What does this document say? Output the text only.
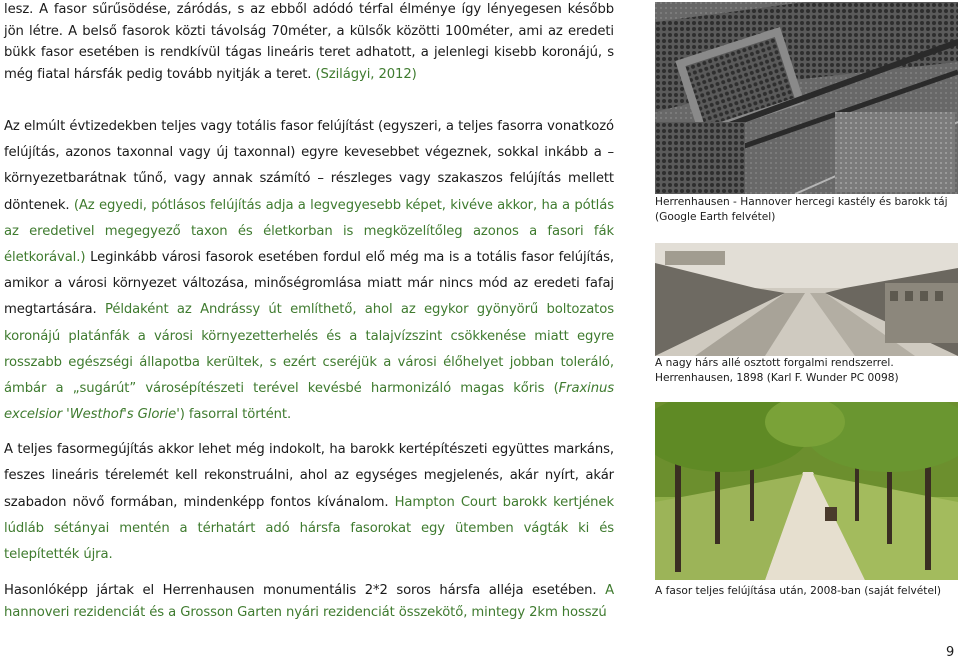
lesz. A fasor sűrűsödése, záródás, s az ebből adódó térfal élménye így lényegesen később jön létre. A belső fasorok közti távolság 70méter, a külsők közötti 100méter, ami az eredeti bükk fasor esetében is rendkívül tágas lineáris teret adhatott, a jelenlegi kisebb koronájú, s még fiatal hársfák pedig tovább nyitják a teret. (Szilágyi, 2012)

Az elmúlt évtizedekben teljes vagy totális fasor felújítást (egyszeri, a teljes fasorra vonatkozó felújítás, azonos taxonnal vagy új taxonnal) egyre kevesebbet végeznek, sokkal inkább a – környezetbarátnak tűnő, vagy annak számító – részleges vagy szakaszos felújítás mellett döntenek. (Az egyedi, pótlásos felújítás adja a legvegyesebb képet, kivéve akkor, ha a pótlás az eredetivel megegyező taxon és életkorban is megközelítőleg azonos a fasori fák életkorával.) Leginkább városi fasorok esetében fordul elő még ma is a totális fasor felújítás, amikor a városi környezet változása, minőségromlása miatt már nincs mód az eredeti fafaj megtartására. Példaként az Andrássy út említhető, ahol az egykor gyönyörű boltozatos koronájú platánfák a városi környezetterhelés és a talajvízszint csökkenése miatt egyre rosszabb egészségi állapotba kerültek, s ezért cseréjük a városi élőhelyet jobban toleráló, ámbár a „sugárút” városépítészeti terével kevésbé harmonizáló magas kőris (Fraxinus excelsior 'Westhof's Glorie') fasorral történt.

A teljes fasormegújítás akkor lehet még indokolt, ha barokk kertépítészeti együttes markáns, feszes lineáris térelemét kell rekonstruálni, ahol az egységes megjelenés, akár nyírt, akár szabadon növő formában, mindenképp fontos kívánalom. Hampton Court barokk kertjének lúdláb sétányai mentén a térhatárt adó hársfa fasorokat egy ütemben vágták ki és telepítették újra.

Hasonlóképp jártak el Herrenhausen monumentális 2*2 soros hársfa alléja esetében. A hannoveri rezidenciát és a Grosson Garten nyári rezidenciát összekötő, mintegy 2km hosszú

Herrenhausen - Hannover hercegi kastély és barokk táj (Google Earth felvétel)
A nagy hárs allé osztott forgalmi rendszerrel. Herrenhausen, 1898 (Karl F. Wunder PC 0098)
A fasor teljes felújítása után, 2008-ban (saját felvétel)
9
